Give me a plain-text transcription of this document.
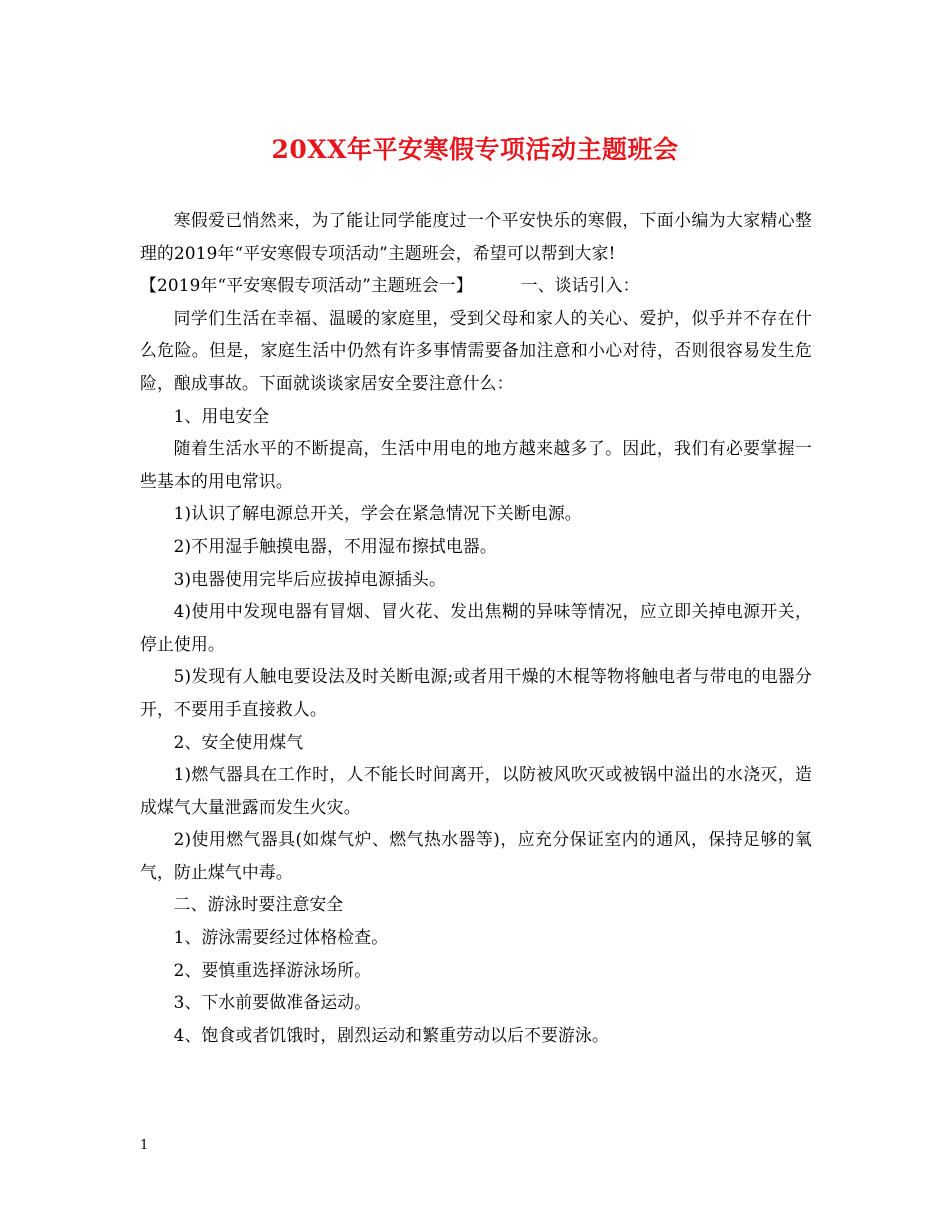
20XX年平安寒假专项活动主题班会

寒假爱已悄然来，为了能让同学能度过一个平安快乐的寒假，下面小编为大家精心整理的2019年“平安寒假专项活动”主题班会，希望可以帮到大家!

【2019年“平安寒假专项活动”主题班会一】	一、谈话引入：

同学们生活在幸福、温暖的家庭里，受到父母和家人的关心、爱护，似乎并不存在什么危险。但是，家庭生活中仍然有许多事情需要备加注意和小心对待，否则很容易发生危险，酿成事故。下面就谈谈家居安全要注意什么：

1、用电安全

随着生活水平的不断提高，生活中用电的地方越来越多了。因此，我们有必要掌握一些基本的用电常识。

1)认识了解电源总开关，学会在紧急情况下关断电源。

2)不用湿手触摸电器，不用湿布擦拭电器。

3)电器使用完毕后应拔掉电源插头。

4)使用中发现电器有冒烟、冒火花、发出焦糊的异味等情况，应立即关掉电源开关，停止使用。

5)发现有人触电要设法及时关断电源;或者用干燥的木棍等物将触电者与带电的电器分开，不要用手直接救人。

2、安全使用煤气

1)燃气器具在工作时，人不能长时间离开，以防被风吹灭或被锅中溢出的水浇灭，造成煤气大量泄露而发生火灾。

2)使用燃气器具(如煤气炉、燃气热水器等)，应充分保证室内的通风，保持足够的氧气，防止煤气中毒。

二、游泳时要注意安全

1、游泳需要经过体格检查。

2、要慎重选择游泳场所。

3、下水前要做准备运动。

4、饱食或者饥饿时，剧烈运动和繁重劳动以后不要游泳。

1
